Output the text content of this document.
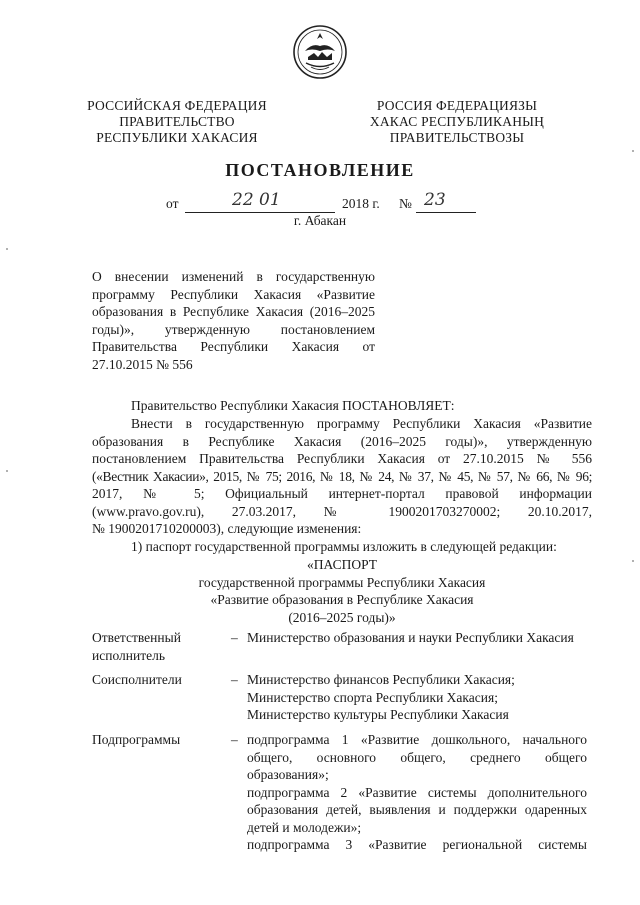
РОССИЙСКАЯ ФЕДЕРАЦИЯ
ПРАВИТЕЛЬСТВО
РЕСПУБЛИКИ ХАКАСИЯ
РОССИЯ ФЕДЕРАЦИЯЗЫ
ХАКАС РЕСПУБЛИКАНЫҢ
ПРАВИТЕЛЬСТВОЗЫ
ПОСТАНОВЛЕНИЕ
от	22 01	2018 г. № 23
г. Абакан
О внесении изменений в государственную программу Республики Хакасия «Развитие образования в Республике Хакасия (2016–2025 годы)», утвержденную постановлением Правительства Республики Хакасия от 27.10.2015 № 556
Правительство Республики Хакасия ПОСТАНОВЛЯЕТ:
Внести в государственную программу Республики Хакасия «Развитие
образования в Республике Хакасия (2016–2025 годы)», утвержденную
постановлением Правительства Республики Хакасия от 27.10.2015 № 556
(«Вестник Хакасии», 2015, № 75; 2016, № 18, № 24, № 37, № 45, № 57, № 66, № 96;
2017, № 5; Официальный интернет-портал правовой информации
(www.pravo.gov.ru), 27.03.2017, № 1900201703270002; 20.10.2017,
№ 1900201710200003), следующие изменения:
1) паспорт государственной программы изложить в следующей редакции:
«ПАСПОРТ
государственной программы Республики Хакасия
«Развитие образования в Республике Хакасия
(2016–2025 годы)»
Ответственный
исполнитель
– Министерство образования и науки Республики Хакасия
Соисполнители	– Министерство финансов Республики Хакасия;
Министерство спорта Республики Хакасия;
Министерство культуры Республики Хакасия
Подпрограммы	– подпрограмма 1 «Развитие дошкольного, начального
общего, основного общего, среднего общего
образования»;
подпрограмма 2 «Развитие системы дополнительного
образования детей, выявления и поддержки одаренных
детей и молодежи»;
подпрограмма 3 «Развитие региональной системы
